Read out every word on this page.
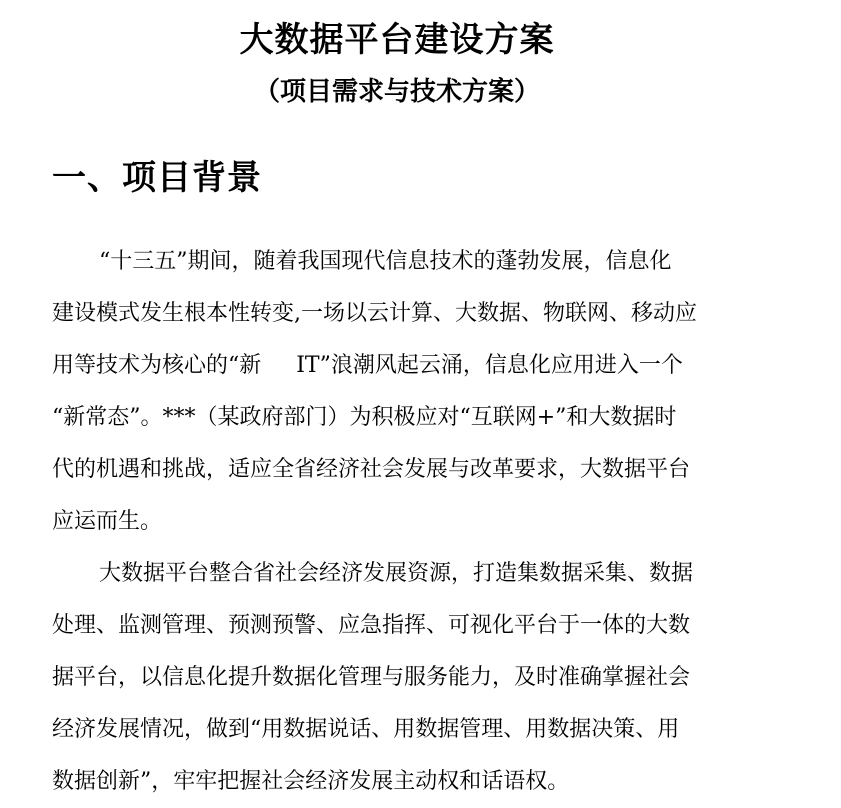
大数据平台建设方案
（项目需求与技术方案）
一、项目背景
“十三五”期间，随着我国现代信息技术的蓬勃发展，信息化
建设模式发生根本性转变,一场以云计算、大数据、物联网、移动应
用等技术为核心的“新     IT”浪潮风起云涌，信息化应用进入一个
“新常态”。***（某政府部门）为积极应对“互联网+”和大数据时
代的机遇和挑战，适应全省经济社会发展与改革要求，大数据平台
应运而生。
大数据平台整合省社会经济发展资源，打造集数据采集、数据
处理、监测管理、预测预警、应急指挥、可视化平台于一体的大数
据平台，以信息化提升数据化管理与服务能力，及时准确掌握社会
经济发展情况，做到“用数据说话、用数据管理、用数据决策、用
数据创新”，牢牢把握社会经济发展主动权和话语权。
